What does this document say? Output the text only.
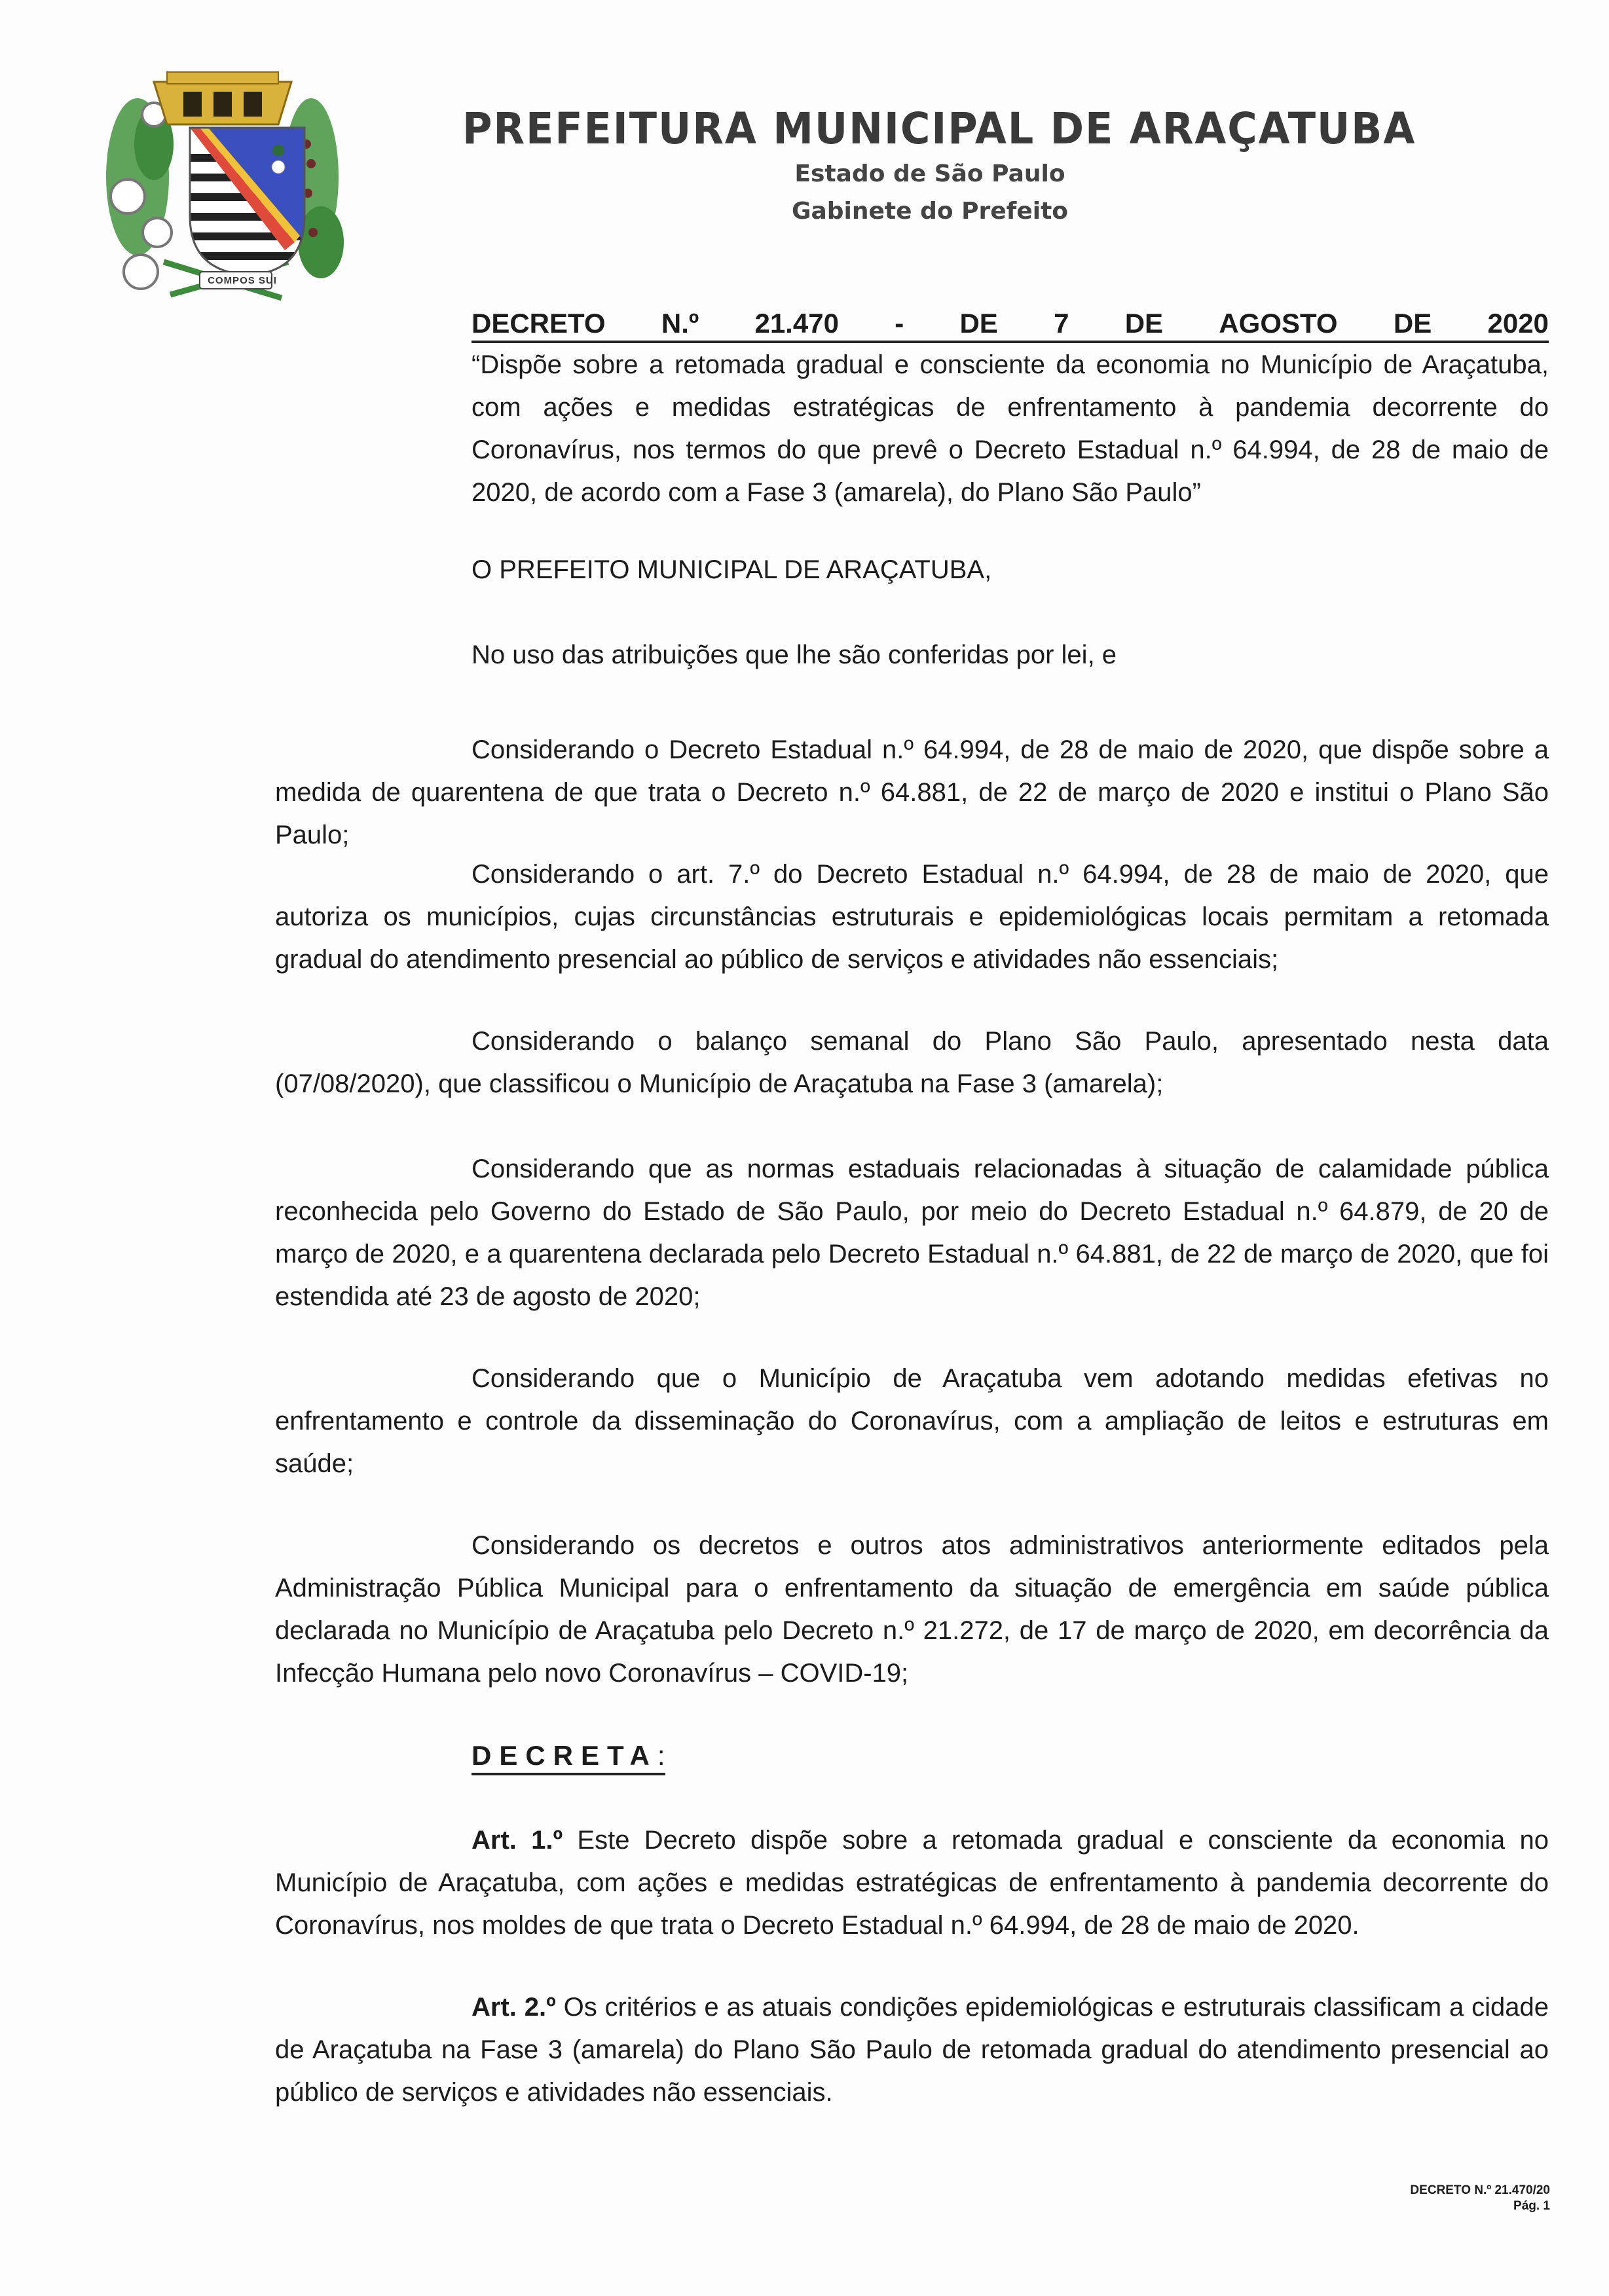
COMPOS SUI
PREFEITURA MUNICIPAL DE ARAÇATUBA
Estado de São Paulo
Gabinete do Prefeito
DECRETO N.º 21.470 - DE 7 DE AGOSTO DE 2020
“Dispõe sobre a retomada gradual e consciente da economia no Município de Araçatuba, com ações e medidas estratégicas de enfrentamento à pandemia decorrente do Coronavírus, nos termos do que prevê o Decreto Estadual n.º 64.994, de 28 de maio de 2020, de acordo com a Fase 3 (amarela), do Plano São Paulo”
O PREFEITO MUNICIPAL DE ARAÇATUBA,
No uso das atribuições que lhe são conferidas por lei, e
Considerando o Decreto Estadual n.º 64.994, de 28 de maio de 2020, que dispõe sobre a medida de quarentena de que trata o Decreto n.º 64.881, de 22 de março de 2020 e institui o Plano São Paulo;
Considerando o art. 7.º do Decreto Estadual n.º 64.994, de 28 de maio de 2020, que autoriza os municípios, cujas circunstâncias estruturais e epidemiológicas locais permitam a retomada gradual do atendimento presencial ao público de serviços e atividades não essenciais;
Considerando o balanço semanal do Plano São Paulo, apresentado nesta data (07/08/2020), que classificou o Município de Araçatuba na Fase 3 (amarela);
Considerando que as normas estaduais relacionadas à situação de calamidade pública reconhecida pelo Governo do Estado de São Paulo, por meio do Decreto Estadual n.º 64.879, de 20 de março de 2020, e a quarentena declarada pelo Decreto Estadual n.º 64.881, de 22 de março de 2020, que foi estendida até 23 de agosto de 2020;
Considerando que o Município de Araçatuba vem adotando medidas efetivas no enfrentamento e controle da disseminação do Coronavírus, com a ampliação de leitos e estruturas em saúde;
Considerando os decretos e outros atos administrativos anteriormente editados pela Administração Pública Municipal para o enfrentamento da situação de emergência em saúde pública declarada no Município de Araçatuba pelo Decreto n.º 21.272, de 17 de março de 2020, em decorrência da Infecção Humana pelo novo Coronavírus – COVID-19;
DECRETA:
Art. 1.º Este Decreto dispõe sobre a retomada gradual e consciente da economia no Município de Araçatuba, com ações e medidas estratégicas de enfrentamento à pandemia decorrente do Coronavírus, nos moldes de que trata o Decreto Estadual n.º 64.994, de 28 de maio de 2020.
Art. 2.º Os critérios e as atuais condições epidemiológicas e estruturais classificam a cidade de Araçatuba na Fase 3 (amarela) do Plano São Paulo de retomada gradual do atendimento presencial ao público de serviços e atividades não essenciais.
DECRETO N.º 21.470/20
Pág. 1
